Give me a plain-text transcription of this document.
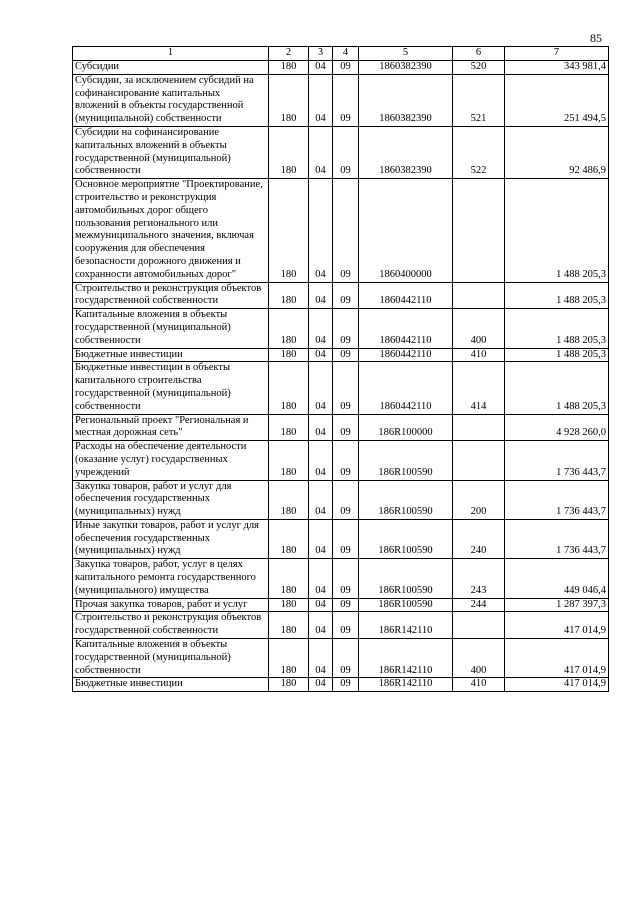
85
1	2	3	4	5	6	7
Субсидии	180	04	09	1860382390	520	343 981,4
Субсидии, за исключением субсидий на софинансирование капитальных вложений в объекты государственной (муниципальной) собственности	180	04	09	1860382390	521	251 494,5
Субсидии на софинансирование капитальных вложений в объекты государственной (муниципальной) собственности	180	04	09	1860382390	522	92 486,9
Основное мероприятие "Проектирование, строительство и реконструкция автомобильных дорог общего пользования регионального или межмуниципального значения, включая сооружения для обеспечения безопасности дорожного движения и сохранности автомобильных дорог"	180	04	09	1860400000		1 488 205,3
Строительство и реконструкция объектов государственной собственности	180	04	09	1860442110		1 488 205,3
Капитальные вложения в объекты государственной (муниципальной) собственности	180	04	09	1860442110	400	1 488 205,3
Бюджетные инвестиции	180	04	09	1860442110	410	1 488 205,3
Бюджетные инвестиции в объекты капитального строительства государственной (муниципальной) собственности	180	04	09	1860442110	414	1 488 205,3
Региональный проект "Региональная и местная дорожная сеть"	180	04	09	186R100000		4 928 260,0
Расходы на обеспечение деятельности (оказание услуг) государственных учреждений	180	04	09	186R100590		1 736 443,7
Закупка товаров, работ и услуг для обеспечения государственных (муниципальных) нужд	180	04	09	186R100590	200	1 736 443,7
Иные закупки товаров, работ и услуг для обеспечения государственных (муниципальных) нужд	180	04	09	186R100590	240	1 736 443,7
Закупка товаров, работ, услуг в целях капитального ремонта государственного (муниципального) имущества	180	04	09	186R100590	243	449 046,4
Прочая закупка товаров, работ и услуг	180	04	09	186R100590	244	1 287 397,3
Строительство и реконструкция объектов государственной собственности	180	04	09	186R142110		417 014,9
Капитальные вложения в объекты государственной (муниципальной) собственности	180	04	09	186R142110	400	417 014,9
Бюджетные инвестиции	180	04	09	186R142110	410	417 014,9
